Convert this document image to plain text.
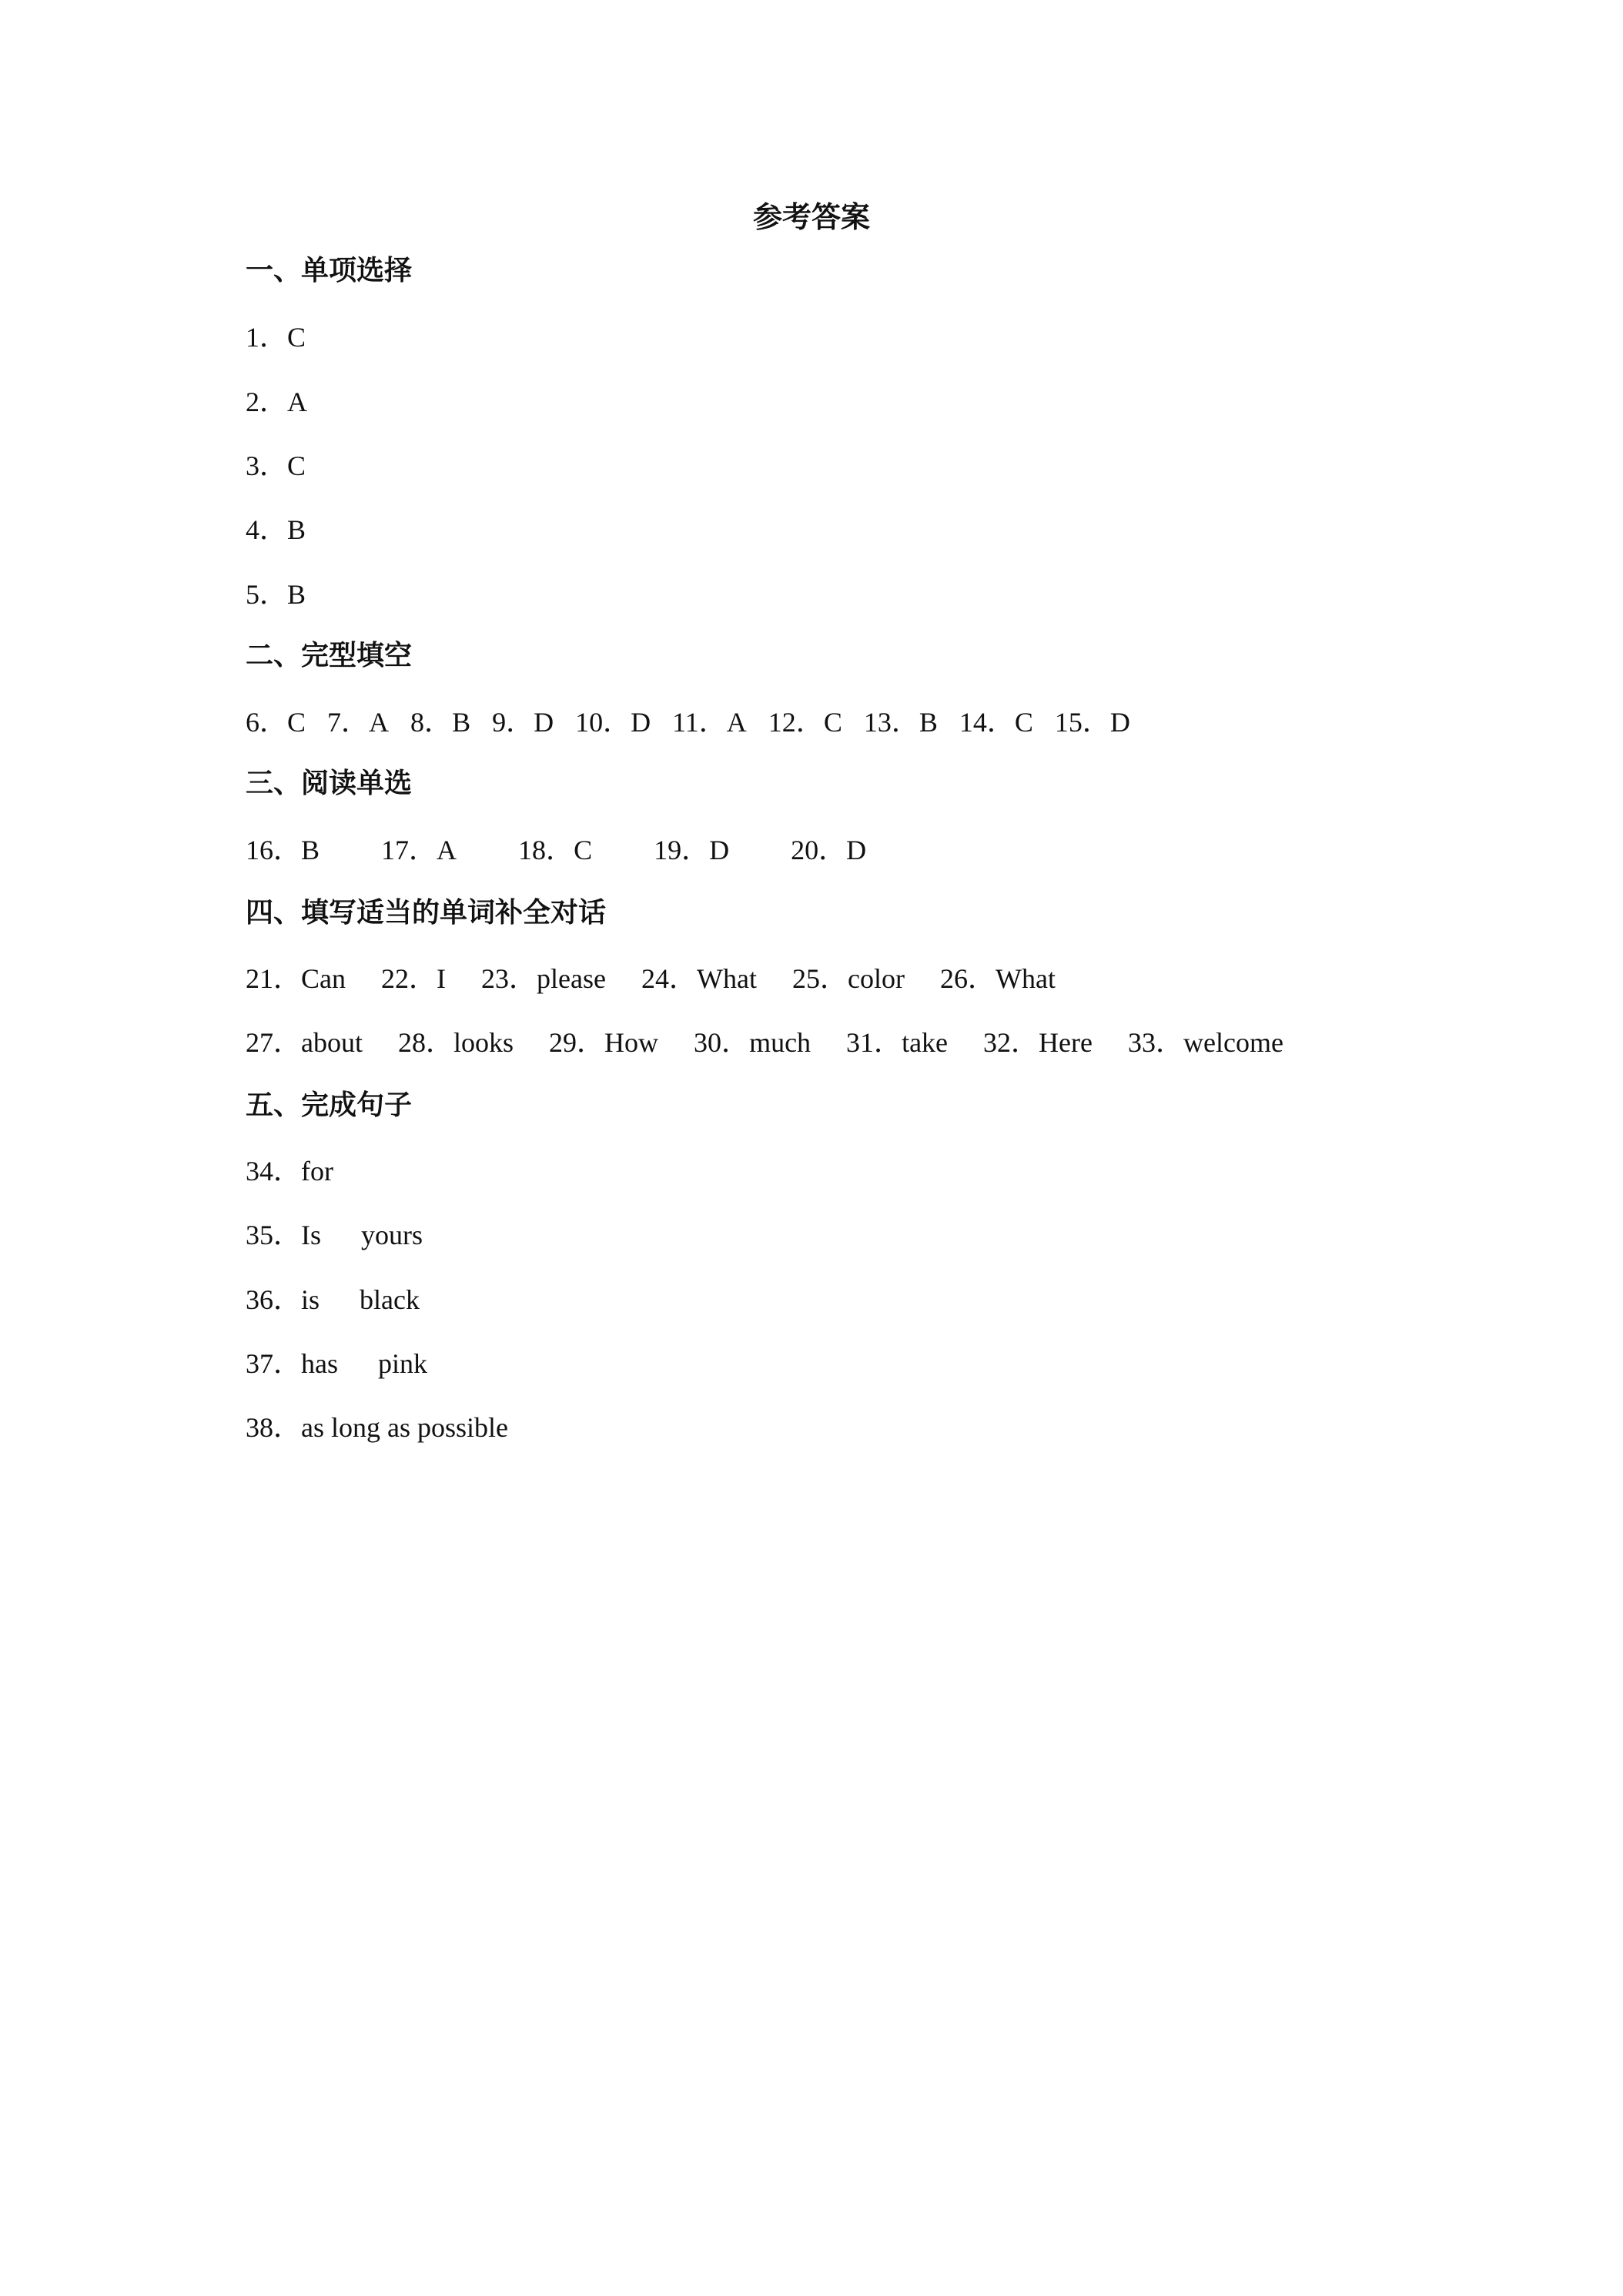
参考答案
一、单项选择
1 ． C
2 ． A
3 ． C
4 ． B
5 ． B
二、完型填空
6 ． C 7 ． A 8 ． B 9 ． D 10 ． D 11 ． A 12 ． C 13 ． B 14 ． C 15 ． D
三、阅读单选
16 ． B 17 ． A 18 ． C 19 ． D 20 ． D
四、填写适当的单词补全对话
21 ． Can 22 ． I 23 ． please 24 ． What 25 ． color 26 ． What
27 ． about 28 ． looks 29 ． How 30 ． much 31 ． take 32 ． Here 33 ． welcome
五、完成句子
34 ． for
35 ． Is yours
36 ． is black
37 ． has pink
38 ． as long as possible
